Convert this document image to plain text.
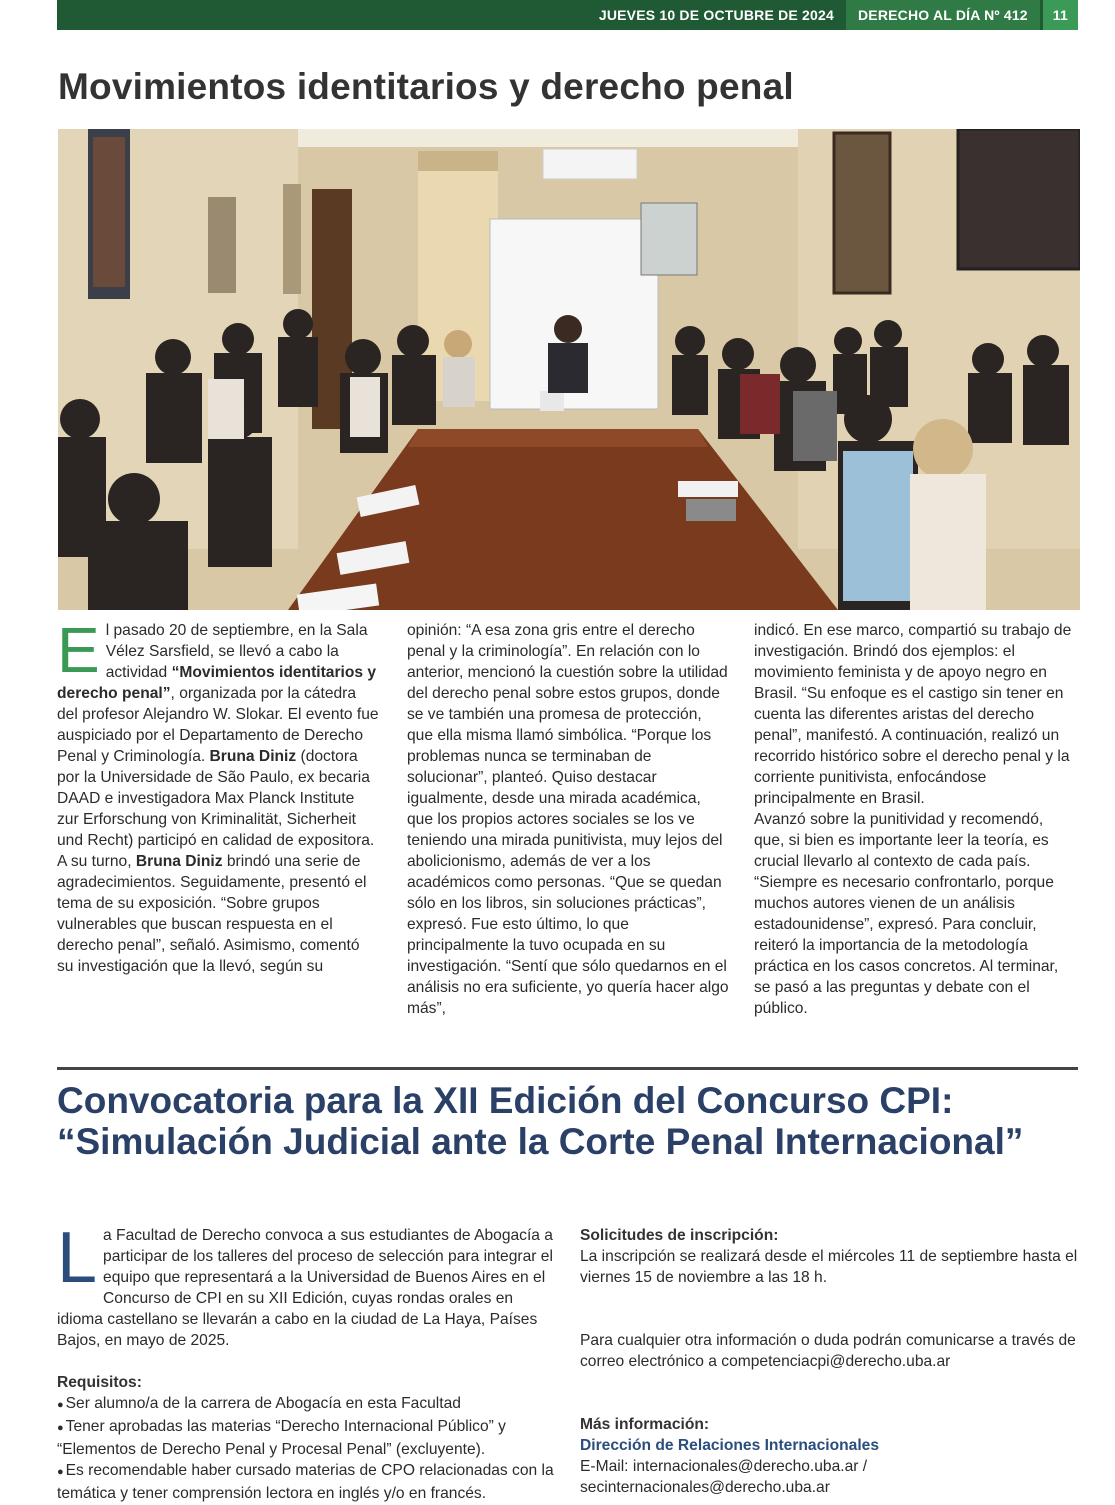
JUEVES 10 DE OCTUBRE DE 2024	DERECHO AL DÍA Nº 412	11
Movimientos identitarios y derecho penal

El pasado 20 de septiembre, en la Sala Vélez Sarsfield, se llevó a cabo la actividad “Movimientos identitarios y derecho penal”, organizada por la cátedra del profesor Alejandro W. Slokar. El evento fue auspiciado por el Departamento de Derecho Penal y Criminología. Bruna Diniz (doctora por la Universidade de São Paulo, ex becaria DAAD e investigadora Max Planck Institute zur Erforschung von Kriminalität, Sicherheit und Recht) participó en calidad de expositora.

A su turno, Bruna Diniz brindó una serie de agradecimientos. Seguidamente, presentó el tema de su exposición. “Sobre grupos vulnerables que buscan respuesta en el derecho penal”, señaló. Asimismo, comentó su investigación que la llevó, según su

opinión: “A esa zona gris entre el derecho penal y la criminología”. En relación con lo anterior, mencionó la cuestión sobre la utilidad del derecho penal sobre estos grupos, donde se ve también una promesa de protección, que ella misma llamó simbólica. “Porque los problemas nunca se terminaban de solucionar”, planteó. Quiso destacar igualmente, desde una mirada académica, que los propios actores sociales se los ve teniendo una mirada punitivista, muy lejos del abolicionismo, además de ver a los académicos como personas. “Que se quedan sólo en los libros, sin soluciones prácticas”, expresó. Fue esto último, lo que principalmente la tuvo ocupada en su investigación. “Sentí que sólo quedarnos en el análisis no era suficiente, yo quería hacer algo más”,

indicó. En ese marco, compartió su trabajo de investigación. Brindó dos ejemplos: el movimiento feminista y de apoyo negro en Brasil. “Su enfoque es el castigo sin tener en cuenta las diferentes aristas del derecho penal”, manifestó. A continuación, realizó un recorrido histórico sobre el derecho penal y la corriente punitivista, enfocándose principalmente en Brasil.

Avanzó sobre la punitividad y recomendó, que, si bien es importante leer la teoría, es crucial llevarlo al contexto de cada país. “Siempre es necesario confrontarlo, porque muchos autores vienen de un análisis estadounidense”, expresó. Para concluir, reiteró la importancia de la metodología práctica en los casos concretos. Al terminar, se pasó a las preguntas y debate con el público.

Convocatoria para la XII Edición del Concurso CPI: “Simulación Judicial ante la Corte Penal Internacional”

La Facultad de Derecho convoca a sus estudiantes de Abogacía a participar de los talleres del proceso de selección para integrar el equipo que representará a la Universidad de Buenos Aires en el Concurso de CPI en su XII Edición, cuyas rondas orales en idioma castellano se llevarán a cabo en la ciudad de La Haya, Países Bajos, en mayo de 2025.

Requisitos:

● Ser alumno/a de la carrera de Abogacía en esta Facultad

● Tener aprobadas las materias “Derecho Internacional Público” y “Elementos de Derecho Penal y Procesal Penal” (excluyente).

● Es recomendable haber cursado materias de CPO relacionadas con la temática y tener comprensión lectora en inglés y/o en francés.

Solicitudes de inscripción:

La inscripción se realizará desde el miércoles 11 de septiembre hasta el viernes 15 de noviembre a las 18 h.

Para cualquier otra información o duda podrán comunicarse a través de correo electrónico a competenciacpi@derecho.uba.ar

Más información:

Dirección de Relaciones Internacionales

E-Mail: internacionales@derecho.uba.ar / secinternacionales@derecho.uba.ar
